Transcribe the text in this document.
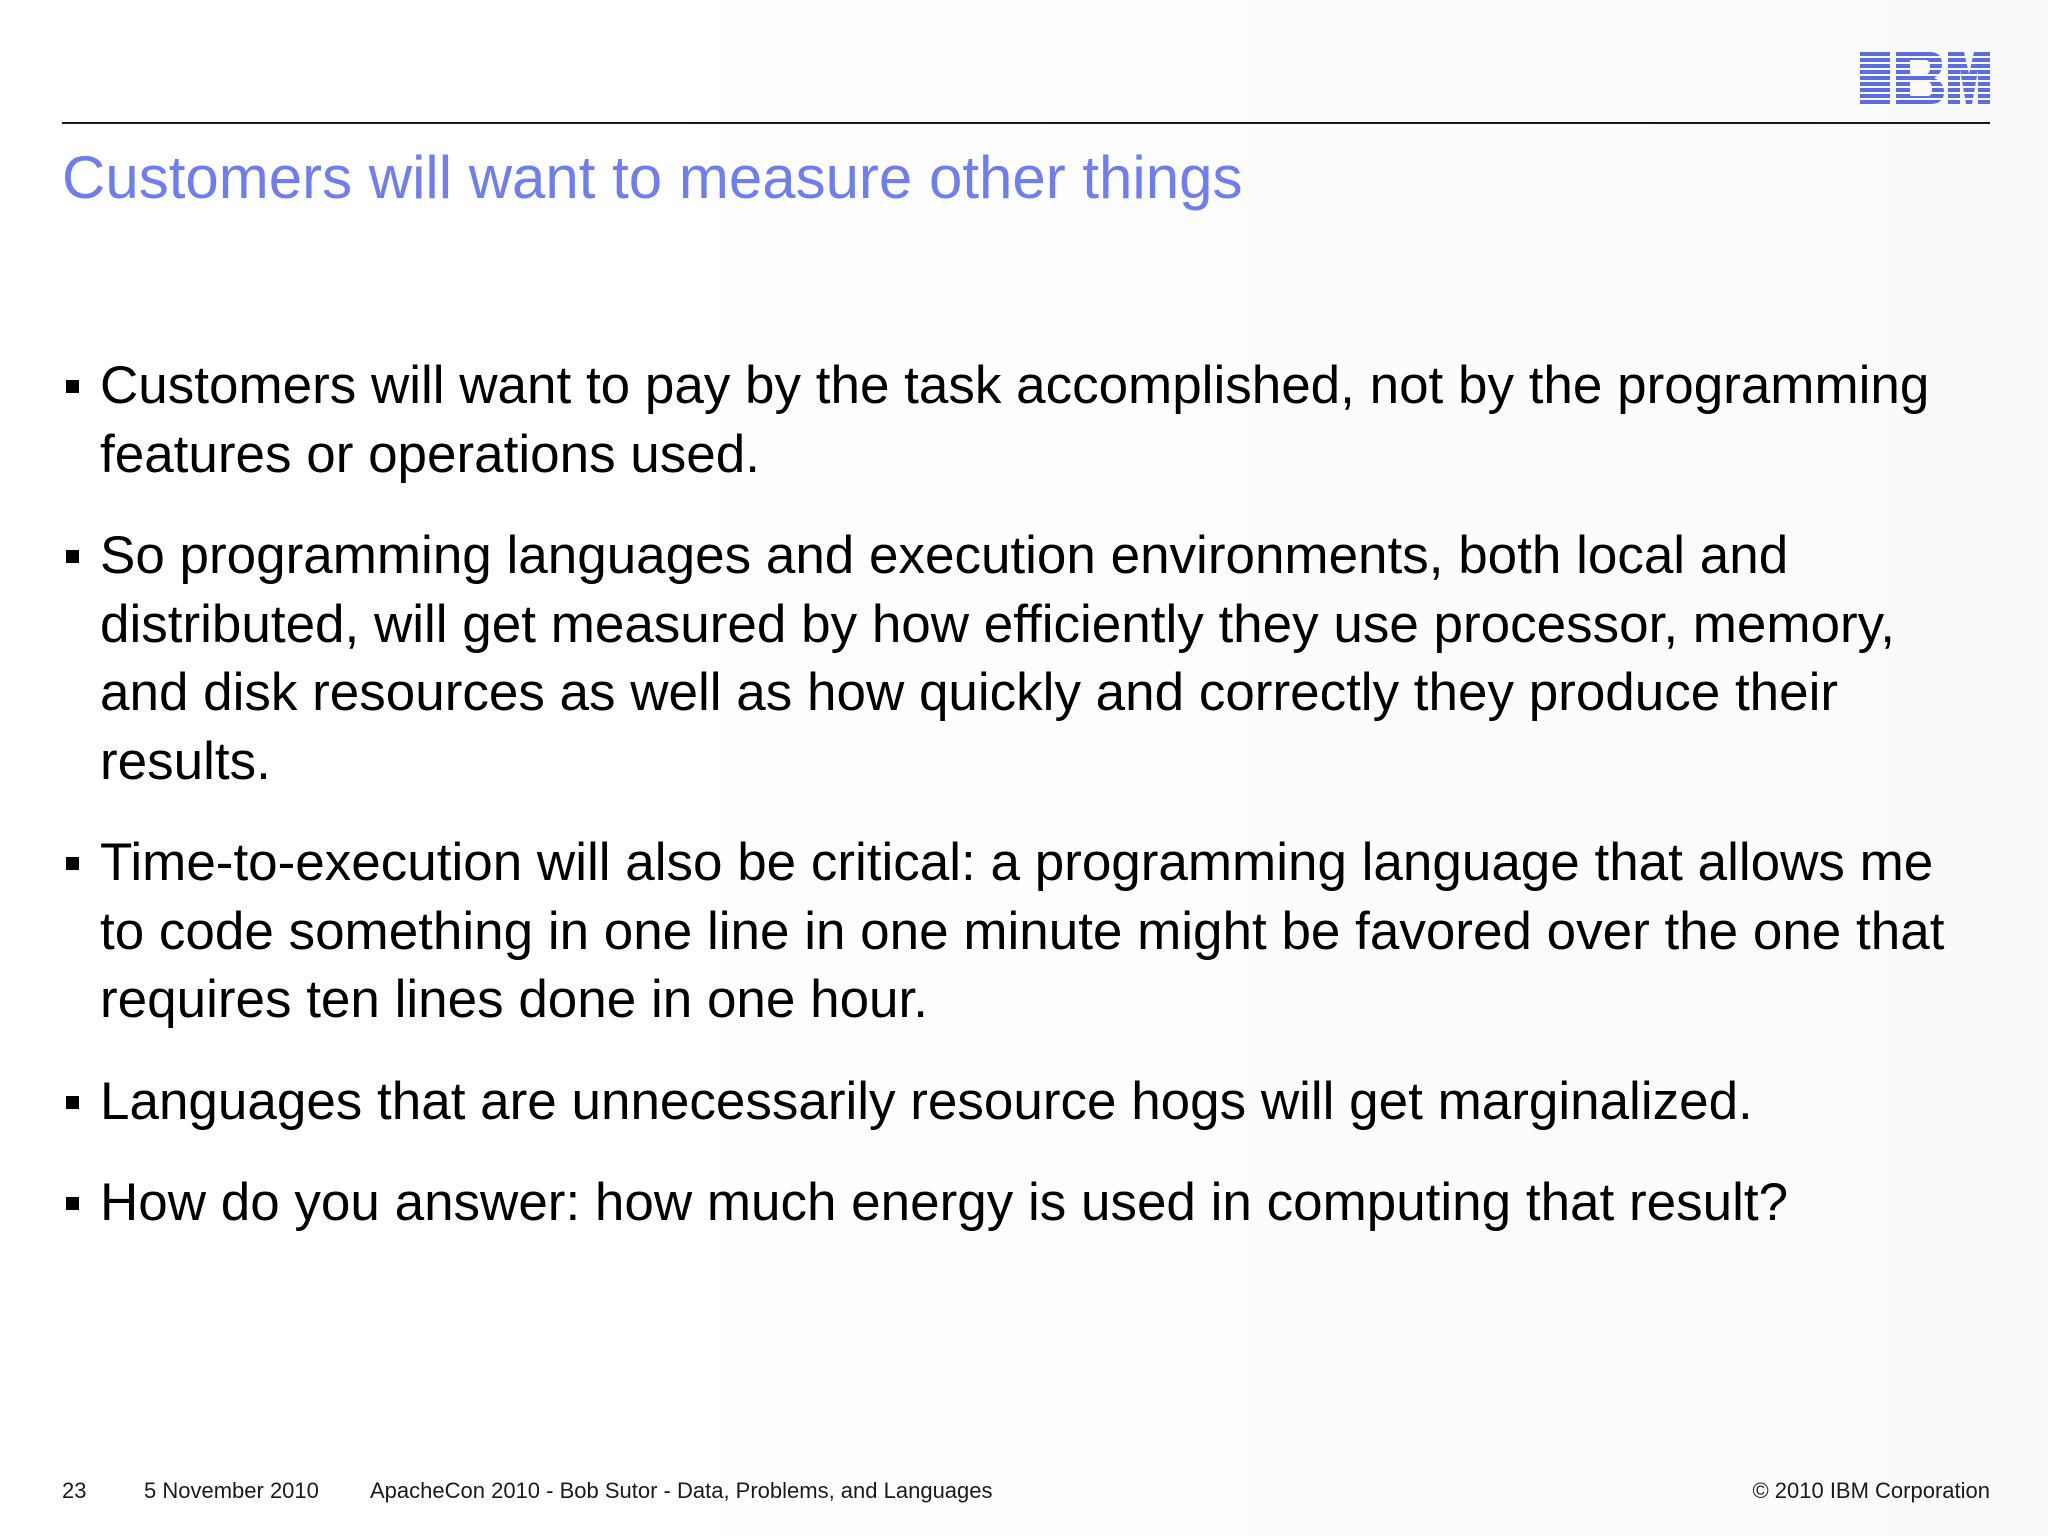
Customers will want to measure other things
Customers will want to pay by the task accomplished, not by the programming features or operations used.
So programming languages and execution environments, both local and distributed, will get measured by how efficiently they use processor, memory, and disk resources as well as how quickly and correctly they produce their results.
Time-to-execution will also be critical: a programming language that allows me to code something in one line in one minute might be favored over the one that requires ten lines done in one hour.
Languages that are unnecessarily resource hogs will get marginalized.
How do you answer: how much energy is used in computing that result?
23	5 November 2010 ApacheCon 2010 - Bob Sutor - Data, Problems, and Languages	© 2010 IBM Corporation
